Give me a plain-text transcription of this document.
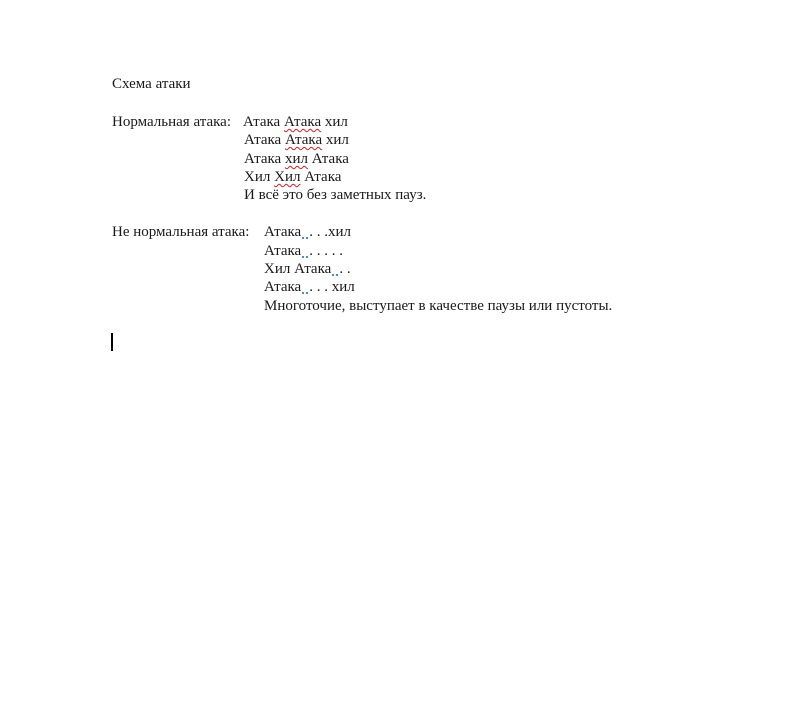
Схема атаки
Нормальная атака: Атака Атака хил
Атака Атака хил
Атака хил Атака
Хил Хил Атака
И всё это без заметных пауз.
Не нормальная атака: Атака . . .хил
Атака . . . . .
Хил Атака . .
Атака . . . хил
Многоточие, выступает в качестве паузы или пустоты.
